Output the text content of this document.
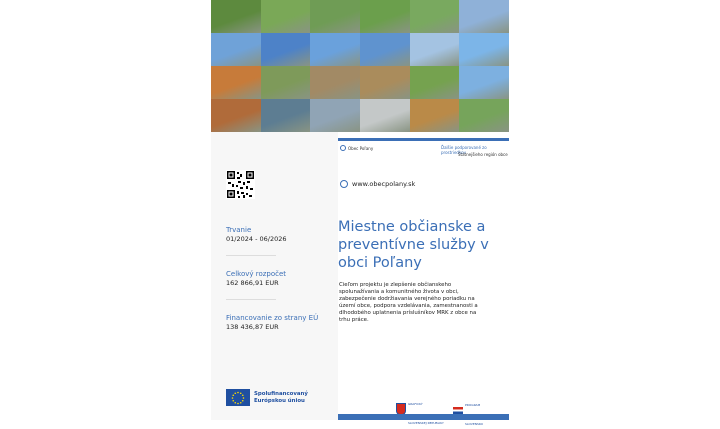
Obec Poľany	Ďalšie podporované zo prostriedkov
Štátnejšieho región obce
www.obecpolany.sk
Trvanie
01/2024 - 06/2026
Celkový rozpočet
162 866,91 EUR
Financovanie zo strany EÚ
138 436,87 EUR
Miestne občianske a preventívne služby v obci Poľany
Cieľom projektu je zlepšenie občianskeho spolunažívania a komunitného života v obci, zabezpečenie dodržiavania verejného poriadku na území obce, podpora vzdelávania, zamestnanosti a dlhodobého uplatnenia príslušníkov MRK z obce na trhu práce.
Spolufinancovaný
Európskou úniou
GRAFICKÝ
SLOVENSKEJ REPUBLIKY
PROGRAM
SLOVENSKO
